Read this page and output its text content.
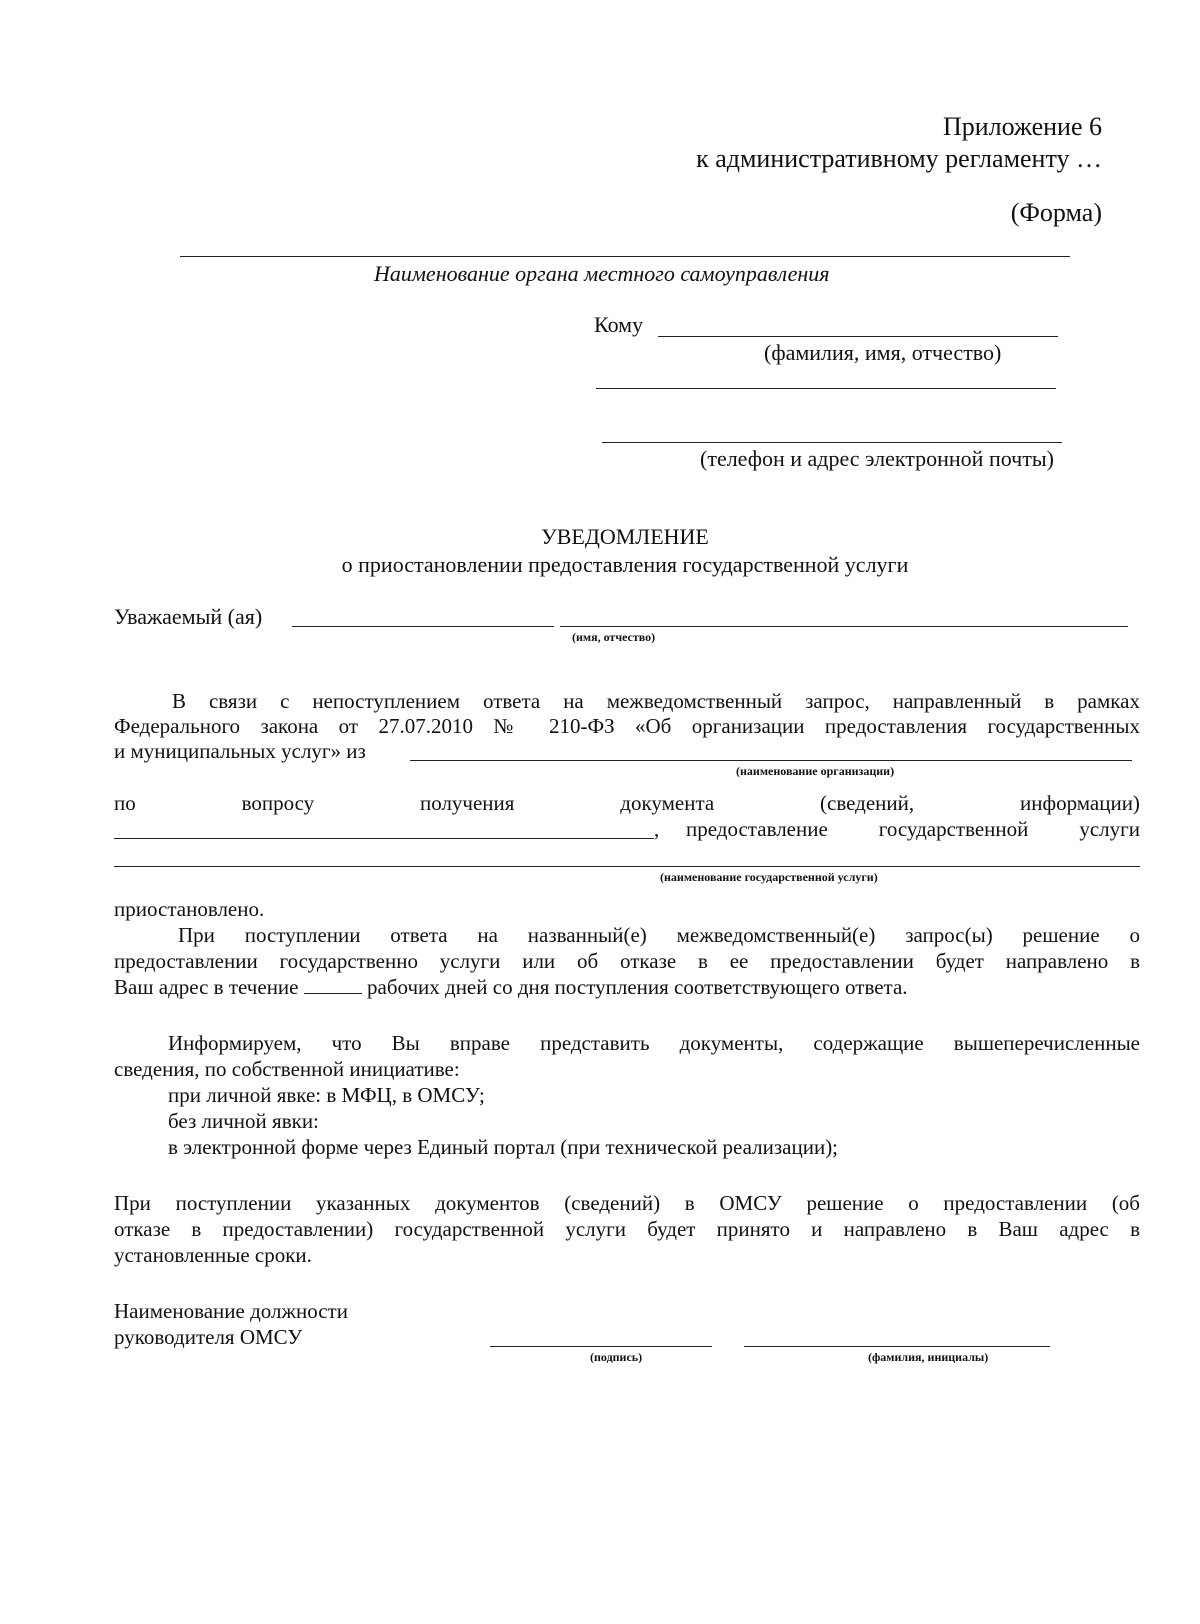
Приложение 6
к административному регламенту …
(Форма)
Наименование органа местного самоуправления
Кому
(фамилия, имя, отчество)
(телефон и адрес электронной почты)
УВЕДОМЛЕНИЕ
о приостановлении предоставления государственной услуги
Уважаемый (ая)
(имя, отчество)
В связи с непоступлением ответа на межведомственный запрос, направленный в рамках
Федерального закона от 27.07.2010 № 210-ФЗ «Об организации предоставления государственных
и муниципальных услуг» из
(наименование организации)
по	вопросу	получения	документа	(сведений,	информации)
, предоставление государственной услуги
(наименование государственной услуги)
приостановлено.
При поступлении ответа на названный(е) межведомственный(е) запрос(ы) решение о
предоставлении государственно услуги или об отказе в ее предоставлении будет направлено в
Ваш адрес в течение	рабочих дней со дня поступления соответствующего ответа.
Информируем, что Вы вправе представить документы, содержащие вышеперечисленные
сведения, по собственной инициативе:
при личной явке: в МФЦ, в ОМСУ;
без личной явки:
в электронной форме через Единый портал (при технической реализации);
При поступлении указанных документов (сведений) в ОМСУ решение о предоставлении (об
отказе в предоставлении) государственной услуги будет принято и направлено в Ваш адрес в
установленные сроки.
Наименование должности
руководителя ОМСУ
(подпись)	(фамилия, инициалы)
